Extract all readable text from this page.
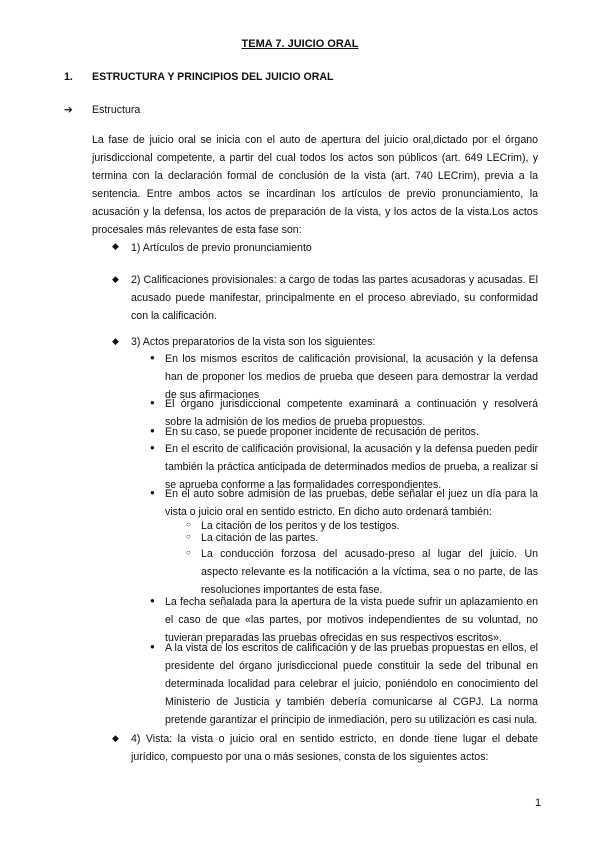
TEMA 7. JUICIO ORAL
1. ESTRUCTURA Y PRINCIPIOS DEL JUICIO ORAL
➔ Estructura
La fase de juicio oral se inicia con el auto de apertura del juicio oral,dictado por el órgano jurisdiccional competente, a partir del cual todos los actos son públicos (art. 649 LECrim), y termina con la declaración formal de conclusión de la vista (art. 740 LECrim), previa a la sentencia. Entre ambos actos se incardinan los artículos de previo pronunciamiento, la acusación y la defensa, los actos de preparación de la vista, y los actos de la vista.Los actos procesales más relevantes de esta fase son:
◆ 1) Artículos de previo pronunciamiento
◆ 2) Calificaciones provisionales: a cargo de todas las partes acusadoras y acusadas. El acusado puede manifestar, principalmente en el proceso abreviado, su conformidad con la calificación.
◆ 3) Actos preparatorios de la vista son los siguientes:
● En los mismos escritos de calificación provisional, la acusación y la defensa han de proponer los medios de prueba que deseen para demostrar la verdad de sus afirmaciones
● El órgano jurisdiccional competente examinará a continuación y resolverá sobre la admisión de los medios de prueba propuestos.
● En su caso, se puede proponer incidente de recusación de peritos.
● En el escrito de calificación provisional, la acusación y la defensa pueden pedir también la práctica anticipada de determinados medios de prueba, a realizar si se aprueba conforme a las formalidades correspondientes.
● En el auto sobre admisión de las pruebas, debe señalar el juez un día para la vista o juicio oral en sentido estricto. En dicho auto ordenará también:
○ La citación de los peritos y de los testigos.
○ La citación de las partes.
○ La conducción forzosa del acusado-preso al lugar del juicio. Un aspecto relevante es la notificación a la víctima, sea o no parte, de las resoluciones importantes de esta fase.
● La fecha señalada para la apertura de la vista puede sufrir un aplazamiento en el caso de que «las partes, por motivos independientes de su voluntad, no tuvieran preparadas las pruebas ofrecidas en sus respectivos escritos».
● A la vista de los escritos de calificación y de las pruebas propuestas en ellos, el presidente del órgano jurisdiccional puede constituir la sede del tribunal en determinada localidad para celebrar el juicio, poniéndolo en conocimiento del Ministerio de Justicia y también debería comunicarse al CGPJ. La norma pretende garantizar el principio de inmediación, pero su utilización es casi nula.
◆ 4) Vista: la vista o juicio oral en sentido estricto, en donde tiene lugar el debate jurídico, compuesto por una o más sesiones, consta de los siguientes actos:
1
